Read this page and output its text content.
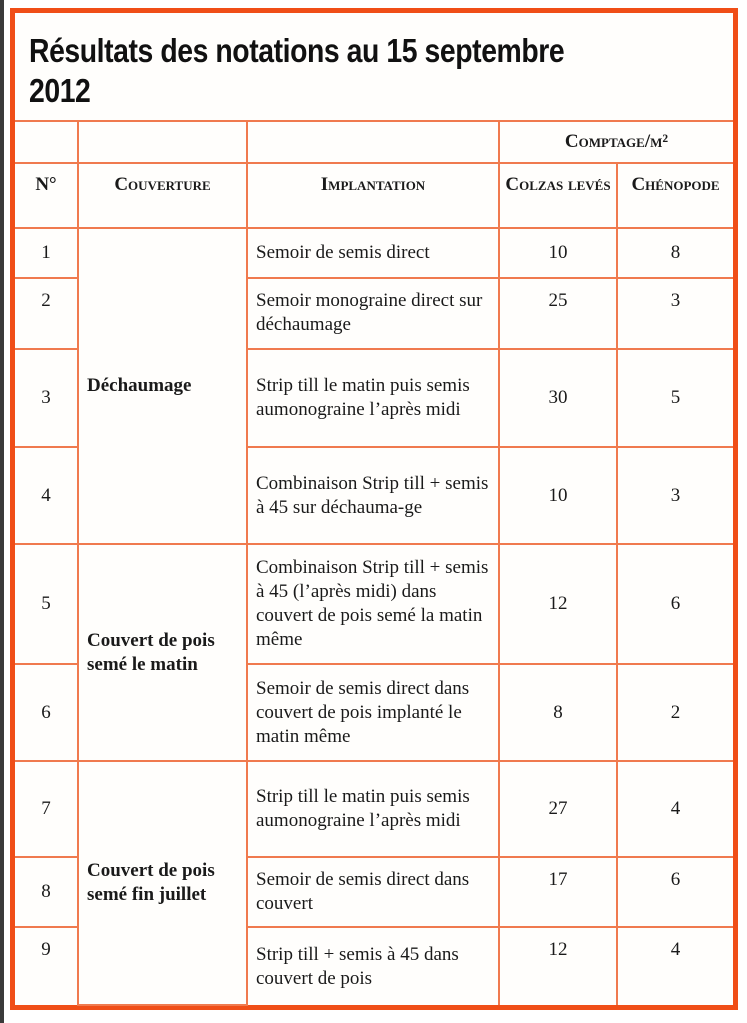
Résultats des notations au 15 septembre 2012
			Comptage/m²	
N°	Couverture	Implantation	Colzas levés	Chénopode
1	Déchaumage	Semoir de semis direct	10	8
2		Semoir monograine direct sur déchaumage	25	3
3		Strip till le matin puis semis aumonograine l’après midi	30	5
4		Combinaison Strip till + semis à 45 sur déchauma-ge	10	3
5	Couvert de pois semé le matin	Combinaison Strip till + semis à 45 (l’après midi) dans couvert de pois semé la matin même	12	6
6		Semoir de semis direct dans couvert de pois implanté le matin même	8	2
7	Couvert de pois semé fin juillet	Strip till le matin puis semis aumonograine l’après midi	27	4
8		Semoir de semis direct dans couvert	17	6
9		Strip till + semis à 45 dans couvert de pois	12	4
